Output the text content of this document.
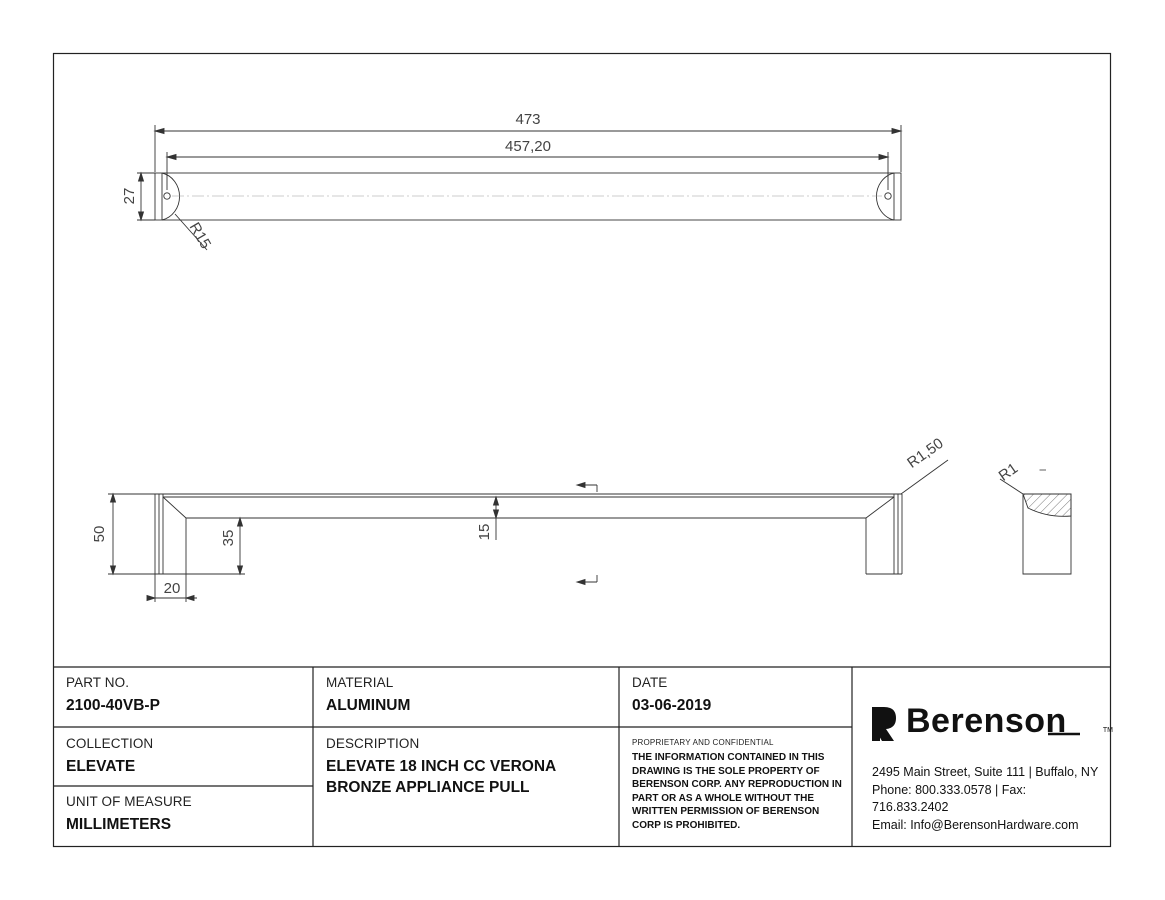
473
457,20
27
R15
50	35	15
20
R1,50
R1 I
PART NO.
2100-40VB-P
MATERIAL
ALUMINUM
DATE
03-06-2019
COLLECTION
ELEVATE
DESCRIPTION
ELEVATE 18 INCH CC VERONA BRONZE APPLIANCE PULL
UNIT OF MEASURE
MILLIMETERS
PROPRIETARY AND CONFIDENTIAL
THE INFORMATION CONTAINED IN THIS DRAWING IS THE SOLE PROPERTY OF BERENSON CORP. ANY REPRODUCTION IN PART OR AS A WHOLE WITHOUT THE WRITTEN PERMISSION OF BERENSON CORP IS PROHIBITED.
Berenson	TM
2495 Main Street, Suite 111 | Buffalo, NY
Phone: 800.333.0578 | Fax: 716.833.2402
Email: Info@BerensonHardware.com
